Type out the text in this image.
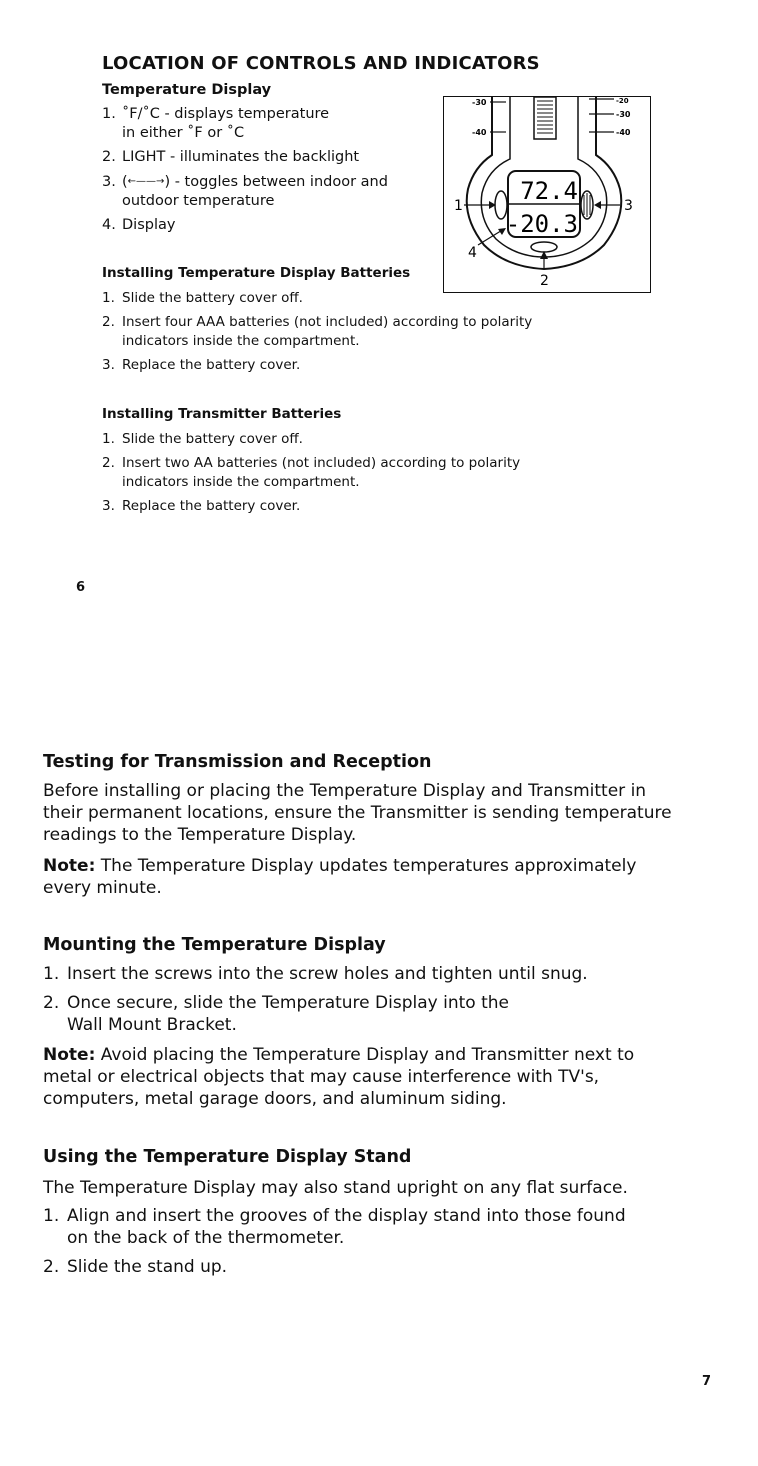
LOCATION OF CONTROLS AND INDICATORS
Temperature Display
1. ˚F/˚C - displays temperature
in either ˚F or ˚C
2. LIGHT - illuminates the backlight
3. (←——→) - toggles between indoor and
outdoor temperature
4. Display
-30
-40
-20
-30
-40
72.4
-20.3
1
2
3
4
Installing Temperature Display Batteries
1. Slide the battery cover off.
2. Insert four AAA batteries (not included) according to polarity
indicators inside the compartment.
3. Replace the battery cover.
Installing Transmitter Batteries
1. Slide the battery cover off.
2. Insert two AA batteries (not included) according to polarity
indicators inside the compartment.
3. Replace the battery cover.
6
Testing for Transmission and Reception
Before installing or placing the Temperature Display and Transmitter in their permanent locations, ensure the Transmitter is sending temperature readings to the Temperature Display.
Note: The Temperature Display updates temperatures approximately every minute.
Mounting the Temperature Display
1. Insert the screws into the screw holes and tighten until snug.
2. Once secure, slide the Temperature Display into the
Wall Mount Bracket.
Note: Avoid placing the Temperature Display and Transmitter next to metal or electrical objects that may cause interference with TV's, computers, metal garage doors, and aluminum siding.
Using the Temperature Display Stand
The Temperature Display may also stand upright on any flat surface.
1. Align and insert the grooves of the display stand into those found
on the back of the thermometer.
2. Slide the stand up.
7
